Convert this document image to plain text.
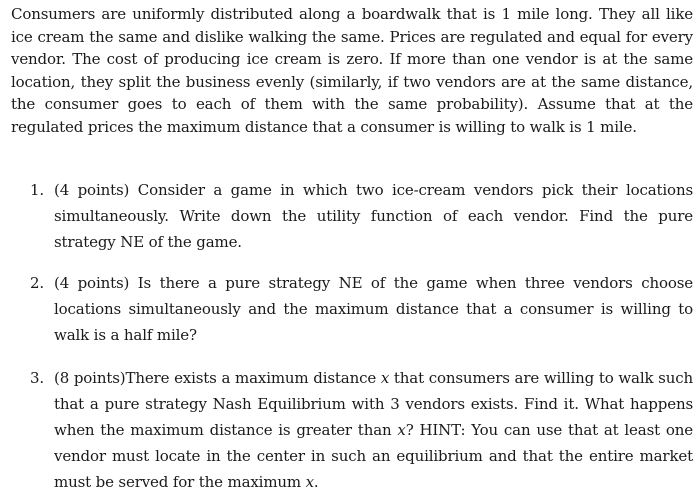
Consumers are uniformly distributed along a boardwalk that is 1 mile long. They all like ice cream the same and dislike walking the same. Prices are regulated and equal for every vendor. The cost of producing ice cream is zero. If more than one vendor is at the same location, they split the business evenly (similarly, if two vendors are at the same distance, the consumer goes to each of them with the same probability). Assume that at the regulated prices the maximum distance that a consumer is willing to walk is 1 mile.

1. (4 points) Consider a game in which two ice-cream vendors pick their locations simultaneously. Write down the utility function of each vendor. Find the pure strategy NE of the game.
2. (4 points) Is there a pure strategy NE of the game when three vendors choose locations simultaneously and the maximum distance that a consumer is willing to walk is a half mile?
3. (8 points)There exists a maximum distance x that consumers are willing to walk such that a pure strategy Nash Equilibrium with 3 vendors exists. Find it. What happens when the maximum distance is greater than x? HINT: You can use that at least one vendor must locate in the center in such an equilibrium and that the entire market must be served for the maximum x.
